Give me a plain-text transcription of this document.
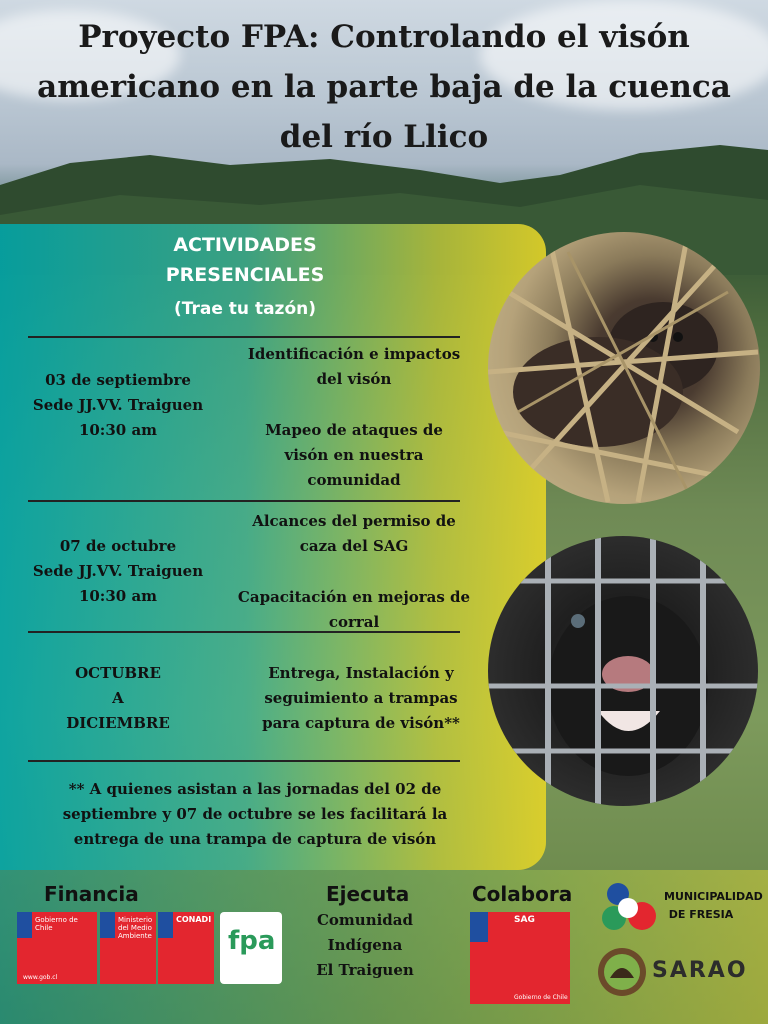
Proyecto FPA: Controlando el visón americano en la parte baja de la cuenca del río Llico
ACTIVIDADES PRESENCIALES
(Trae tu tazón)
03 de septiembre
Sede JJ.VV. Traiguen
10:30 am
Identificación e impactos del visón
Mapeo de ataques de visón en nuestra comunidad
07 de octubre
Sede JJ.VV. Traiguen
10:30 am
Alcances del permiso de caza del SAG
Capacitación en mejoras de corral
OCTUBRE
A
DICIEMBRE
Entrega, Instalación y seguimiento a trampas para captura de visón**
** A quienes asistan a las jornadas del 02 de septiembre y 07 de octubre se les facilitará la entrega de una trampa de captura de visón
Financia
Gobierno de Chile
www.gob.cl
Ministerio del Medio Ambiente
CONADI
fpa
Ejecuta
Comunidad
Indígena
El Traiguen
Colabora
SAG
Gobierno de Chile
MUNICIPALIDAD DE FRESIA
SARAO
